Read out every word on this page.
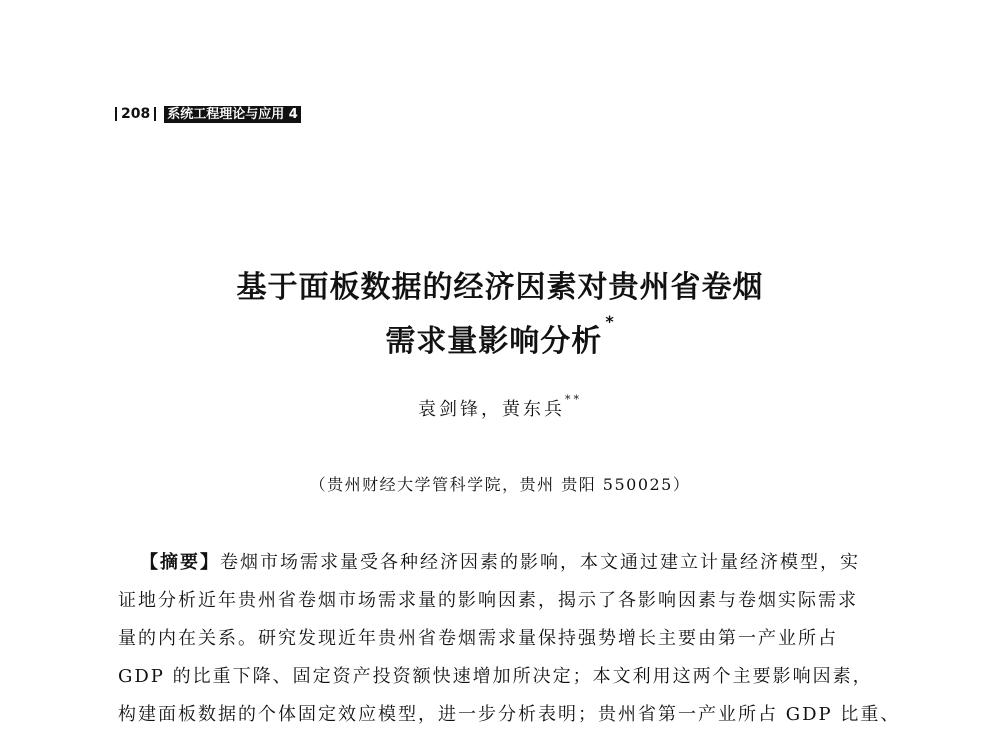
208 系统工程理论与应用 4
基于面板数据的经济因素对贵州省卷烟
需求量影响分析*
袁剑锋，黄东兵**
（贵州财经大学管科学院，贵州 贵阳 550025）
【摘要】卷烟市场需求量受各种经济因素的影响，本文通过建立计量经济模型，实
证地分析近年贵州省卷烟市场需求量的影响因素，揭示了各影响因素与卷烟实际需求
量的内在关系。研究发现近年贵州省卷烟需求量保持强势增长主要由第一产业所占
GDP 的比重下降、固定资产投资额快速增加所决定；本文利用这两个主要影响因素，
构建面板数据的个体固定效应模型，进一步分析表明；贵州省第一产业所占 GDP 比重、
